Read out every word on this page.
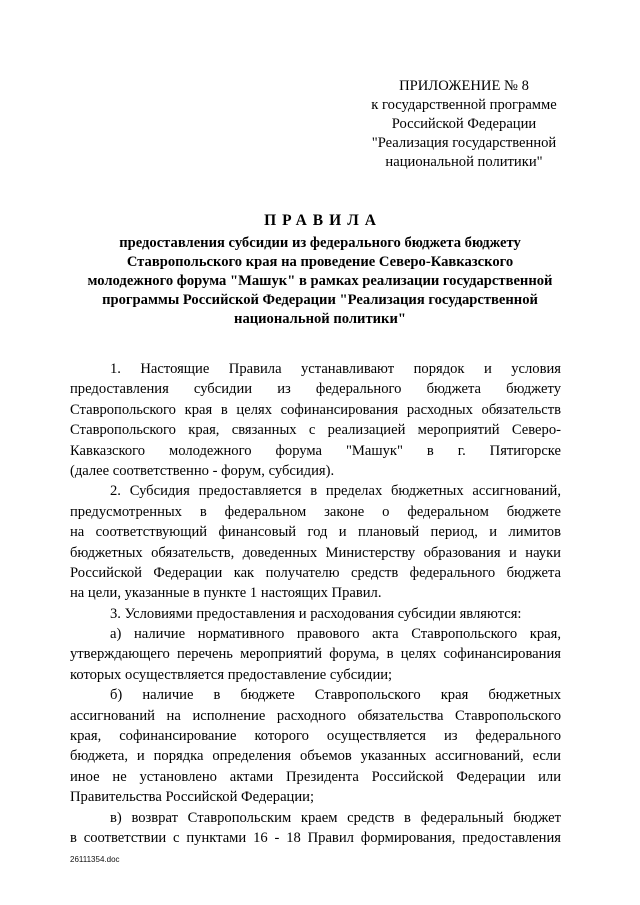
ПРИЛОЖЕНИЕ № 8
к государственной программе
Российской Федерации
"Реализация государственной
национальной политики"
ПРАВИЛА
предоставления субсидии из федерального бюджета бюджету
Ставропольского края на проведение Северо-Кавказского
молодежного форума "Машук" в рамках реализации государственной
программы Российской Федерации "Реализация государственной
национальной политики"
1. Настоящие Правила устанавливают порядок и условия
предоставления субсидии из федерального бюджета бюджету
Ставропольского края в целях софинансирования расходных обязательств
Ставропольского края, связанных с реализацией мероприятий Северо-
Кавказского молодежного форума "Машук" в г. Пятигорске
(далее соответственно - форум, субсидия).
2. Субсидия предоставляется в пределах бюджетных ассигнований,
предусмотренных в федеральном законе о федеральном бюджете
на соответствующий финансовый год и плановый период, и лимитов
бюджетных обязательств, доведенных Министерству образования и науки
Российской Федерации как получателю средств федерального бюджета
на цели, указанные в пункте 1 настоящих Правил.
3. Условиями предоставления и расходования субсидии являются:
а) наличие нормативного правового акта Ставропольского края,
утверждающего перечень мероприятий форума, в целях софинансирования
которых осуществляется предоставление субсидии;
б) наличие в бюджете Ставропольского края бюджетных
ассигнований на исполнение расходного обязательства Ставропольского
края, софинансирование которого осуществляется из федерального
бюджета, и порядка определения объемов указанных ассигнований, если
иное не установлено актами Президента Российской Федерации или
Правительства Российской Федерации;
в) возврат Ставропольским краем средств в федеральный бюджет
в соответствии с пунктами 16 - 18 Правил формирования, предоставления
26111354.doc
